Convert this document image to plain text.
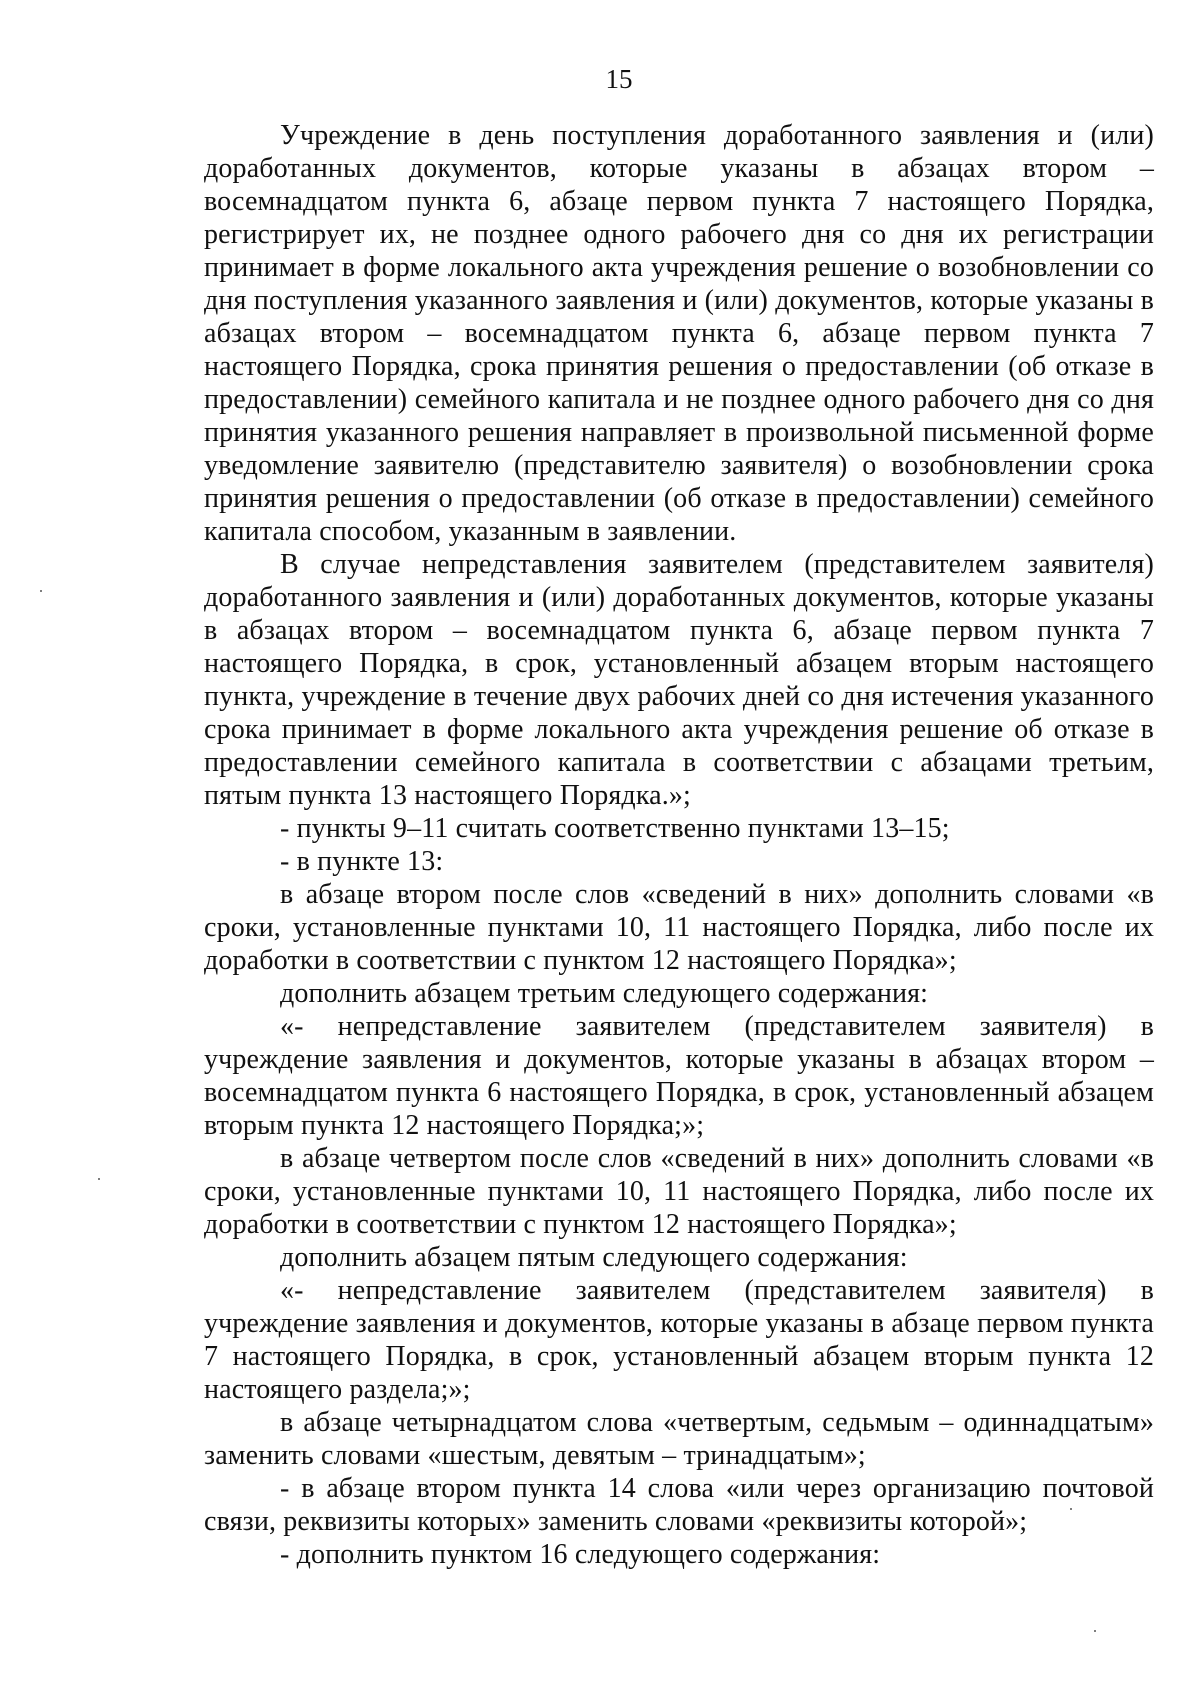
15

Учреждение в день поступления доработанного заявления и (или) доработанных документов, которые указаны в абзацах втором – восемнадцатом пункта 6, абзаце первом пункта 7 настоящего Порядка, регистрирует их, не позднее одного рабочего дня со дня их регистрации принимает в форме локального акта учреждения решение о возобновлении со дня поступления указанного заявления и (или) документов, которые указаны в абзацах втором – восемнадцатом пункта 6, абзаце первом пункта 7 настоящего Порядка, срока принятия решения о предоставлении (об отказе в предоставлении) семейного капитала и не позднее одного рабочего дня со дня принятия указанного решения направляет в произвольной письменной форме уведомление заявителю (представителю заявителя) о возобновлении срока принятия решения о предоставлении (об отказе в предоставлении) семейного капитала способом, указанным в заявлении.

В случае непредставления заявителем (представителем заявителя) доработанного заявления и (или) доработанных документов, которые указаны в абзацах втором – восемнадцатом пункта 6, абзаце первом пункта 7 настоящего Порядка, в срок, установленный абзацем вторым настоящего пункта, учреждение в течение двух рабочих дней со дня истечения указанного срока принимает в форме локального акта учреждения решение об отказе в предоставлении семейного капитала в соответствии с абзацами третьим, пятым пункта 13 настоящего Порядка.»;

- пункты 9–11 считать соответственно пунктами 13–15;

- в пункте 13:

в абзаце втором после слов «сведений в них» дополнить словами «в сроки, установленные пунктами 10, 11 настоящего Порядка, либо после их доработки в соответствии с пунктом 12 настоящего Порядка»;

дополнить абзацем третьим следующего содержания:

«- непредставление заявителем (представителем заявителя) в учреждение заявления и документов, которые указаны в абзацах втором – восемнадцатом пункта 6 настоящего Порядка, в срок, установленный абзацем вторым пункта 12 настоящего Порядка;»;

в абзаце четвертом после слов «сведений в них» дополнить словами «в сроки, установленные пунктами 10, 11 настоящего Порядка, либо после их доработки в соответствии с пунктом 12 настоящего Порядка»;

дополнить абзацем пятым следующего содержания:

«- непредставление заявителем (представителем заявителя) в учреждение заявления и документов, которые указаны в абзаце первом пункта 7 настоящего Порядка, в срок, установленный абзацем вторым пункта 12 настоящего раздела;»;

в абзаце четырнадцатом слова «четвертым, седьмым – одиннадцатым» заменить словами «шестым, девятым – тринадцатым»;

- в абзаце втором пункта 14 слова «или через организацию почтовой связи, реквизиты которых» заменить словами «реквизиты которой»;

- дополнить пунктом 16 следующего содержания:
